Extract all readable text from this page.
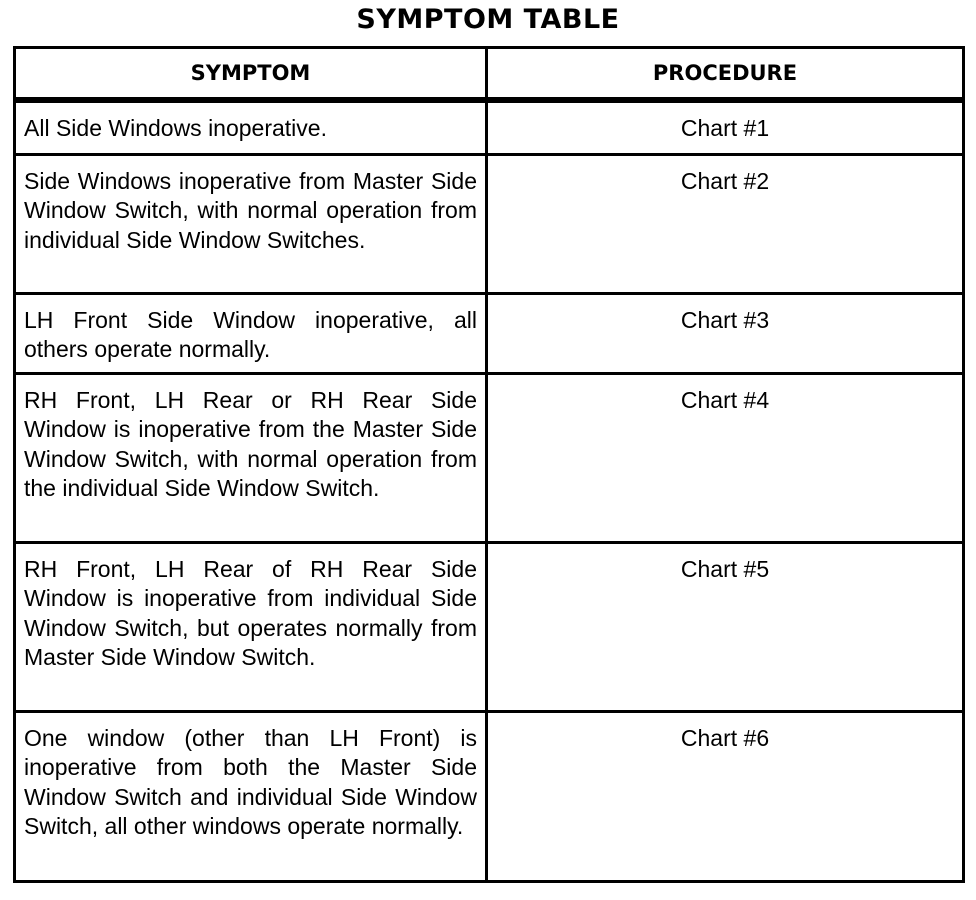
SYMPTOM TABLE
SYMPTOM	PROCEDURE
All Side Windows inoperative.	Chart #1
Side Windows inoperative from Master Side Window Switch, with normal operation from individual Side Window Switches.	Chart #2
LH Front Side Window inoperative, all others operate normally.	Chart #3
RH Front, LH Rear or RH Rear Side Window is inoperative from the Master Side Window Switch, with normal operation from the individual Side Window Switch.	Chart #4
RH Front, LH Rear of RH Rear Side Window is inoperative from individual Side Window Switch, but operates normally from Master Side Window Switch.	Chart #5
One window (other than LH Front) is inoperative from both the Master Side Window Switch and individual Side Window Switch, all other windows operate normally.	Chart #6
